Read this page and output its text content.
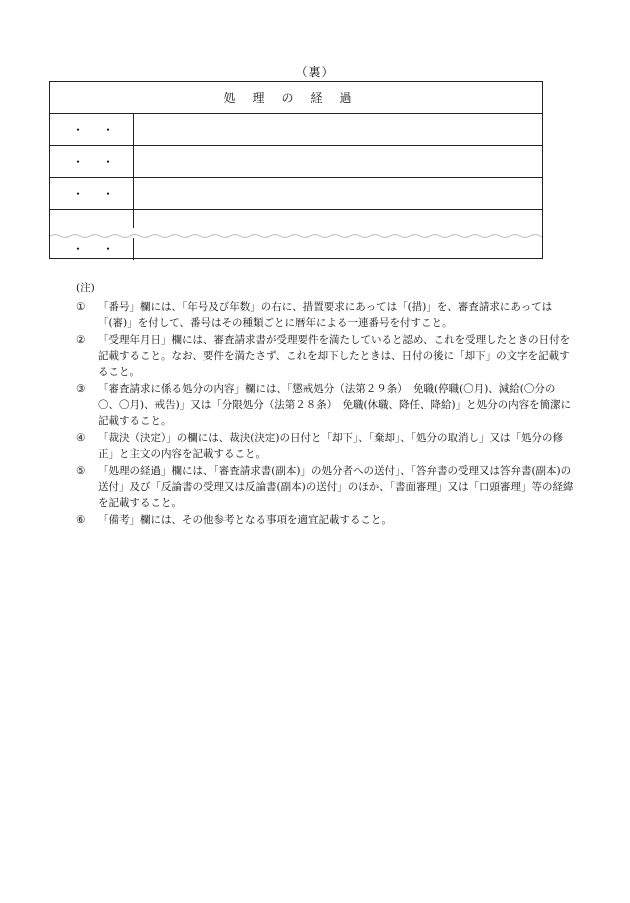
（裏）
処理の経過
・ ・
・ ・
・ ・
・ ・
(注)
① 「番号」欄には、「年号及び年数」の右に、措置要求にあっては「(措)」を、審査請求にあっては「(審)」を付して、番号はその種類ごとに暦年による一連番号を付すこと。
② 「受理年月日」欄には、審査請求書が受理要件を満たしていると認め、これを受理したときの日付を記載すること。なお、要件を満たさず、これを却下したときは、日付の後に「却下」の文字を記載すること。
③ 「審査請求に係る処分の内容」欄には、「懲戒処分（法第２９条）　免職(停職(〇月)、減給(〇分の〇、〇月)、戒告)」又は「分限処分（法第２８条）　免職(休職、降任、降給)」と処分の内容を簡潔に記載すること。
④ 「裁決（決定）」の欄には、裁決(決定)の日付と「却下」、「棄却」、「処分の取消し」又は「処分の修正」と主文の内容を記載すること。
⑤ 「処理の経過」欄には、「審査請求書(副本)」の処分者への送付」、「答弁書の受理又は答弁書(副本)の送付」及び「反論書の受理又は反論書(副本)の送付」のほか、「書面審理」又は「口頭審理」等の経緯を記載すること。
⑥ 「備考」欄には、その他参考となる事項を適宜記載すること。
